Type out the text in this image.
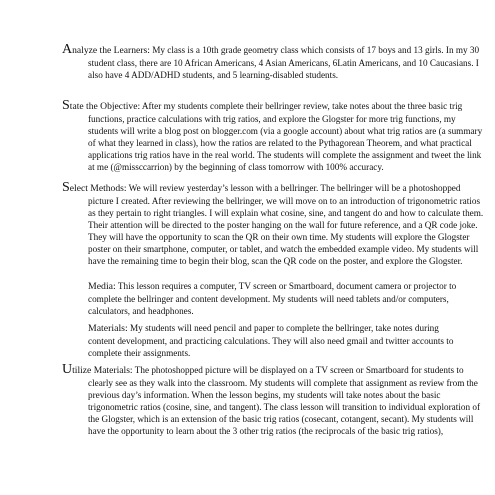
Analyze the Learners: My class is a 10th grade geometry class which consists of 17 boys and 13 girls. In my 30 student class, there are 10 African Americans, 4 Asian Americans, 6Latin Americans, and 10 Caucasians. I also have 4 ADD/ADHD students, and 5 learning-disabled students.

State the Objective: After my students complete their bellringer review, take notes about the three basic trig functions, practice calculations with trig ratios, and explore the Glogster for more trig functions, my students will write a blog post on blogger.com (via a google account) about what trig ratios are (a summary of what they learned in class), how the ratios are related to the Pythagorean Theorem, and what practical applications trig ratios have in the real world. The students will complete the assignment and tweet the link at me (@missccarrion) by the beginning of class tomorrow with 100% accuracy.

Select Methods: We will review yesterday’s lesson with a bellringer. The bellringer will be a photoshopped picture I created. After reviewing the bellringer, we will move on to an introduction of trigonometric ratios as they pertain to right triangles. I will explain what cosine, sine, and tangent do and how to calculate them. Their attention will be directed to the poster hanging on the wall for future reference, and a QR code joke. They will have the opportunity to scan the QR on their own time. My students will explore the Glogster poster on their smartphone, computer, or tablet, and watch the embedded example video. My students will have the remaining time to begin their blog, scan the QR code on the poster, and explore the Glogster.

Media: This lesson requires a computer, TV screen or Smartboard, document camera or projector to complete the bellringer and content development. My students will need tablets and/or computers, calculators, and headphones.

Materials: My students will need pencil and paper to complete the bellringer, take notes during content development, and practicing calculations. They will also need gmail and twitter accounts to complete their assignments.

Utilize Materials: The photoshopped picture will be displayed on a TV screen or Smartboard for students to clearly see as they walk into the classroom. My students will complete that assignment as review from the previous day’s information. When the lesson begins, my students will take notes about the basic trigonometric ratios (cosine, sine, and tangent). The class lesson will transition to individual exploration of the Glogster, which is an extension of the basic trig ratios (cosecant, cotangent, secant). My students will have the opportunity to learn about the 3 other trig ratios (the reciprocals of the basic trig ratios),
